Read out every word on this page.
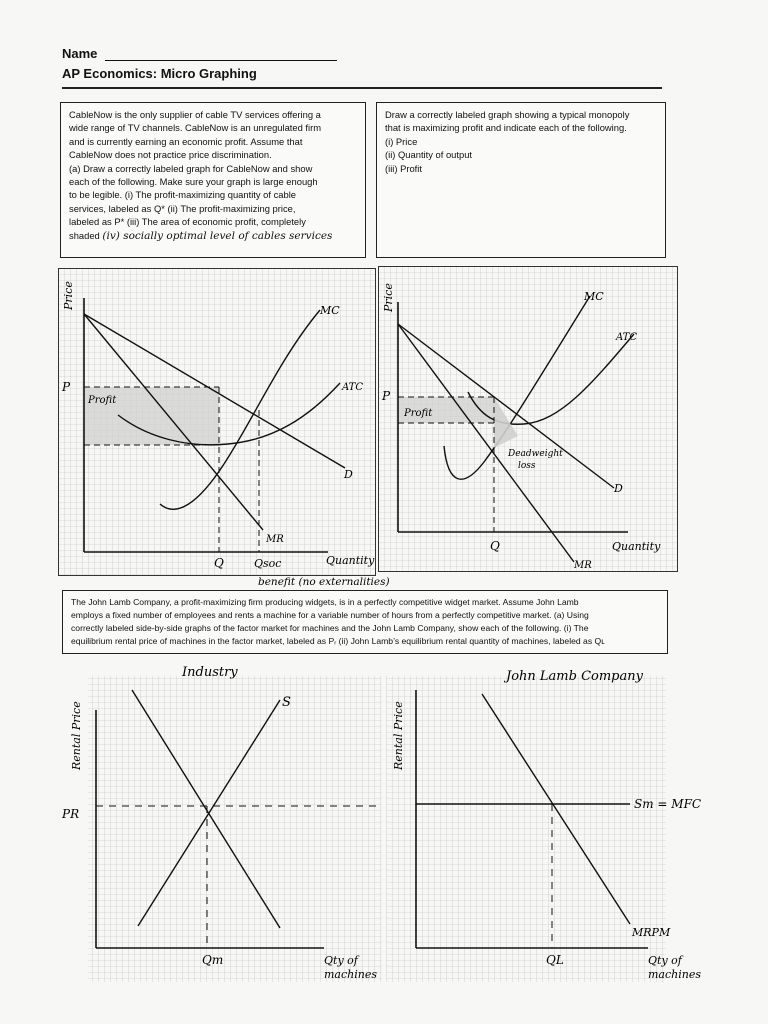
Name
AP Economics: Micro Graphing

CableNow is the only supplier of cable TV services offering a

wide range of TV channels. CableNow is an unregulated firm

and is currently earning an economic profit. Assume that

CableNow does not practice price discrimination.

(a) Draw a correctly labeled graph for CableNow and show

each of the following. Make sure your graph is large enough

to be legible. (i) The profit-maximizing quantity of cable

services, labeled as Q* (ii) The profit-maximizing price,

labeled as P* (iii) The area of economic profit, completely

shaded (iv) socially optimal level of cables services

Draw a correctly labeled graph showing a typical monopoly

that is maximizing profit and indicate each of the following.

(i) Price

(ii) Quantity of output

(iii) Profit

Price
P
Profit
MC
ATC
D
MR
Q	Qsoc	Quantity
benefit (no externalities)
Price
P
Profit
MC
ATC
D
MR
Q	Quantity
Deadweight
loss

The John Lamb Company, a profit-maximizing firm producing widgets, is in a perfectly competitive widget market. Assume John Lamb

employs a fixed number of employees and rents a machine for a variable number of hours from a perfectly competitive market. (a) Using

correctly labeled side-by-side graphs of the factor market for machines and the John Lamb Company, show each of the following. (i) The

equilibrium rental price of machines in the factor market, labeled as Pᵣ (ii) John Lamb’s equilibrium rental quantity of machines, labeled as Qʟ

Industry
Rental Price
PR
S
Qm	Qty of
machines
John Lamb Company
Rental Price
Sm = MFC
MRPM
QL	Qty of
machines
